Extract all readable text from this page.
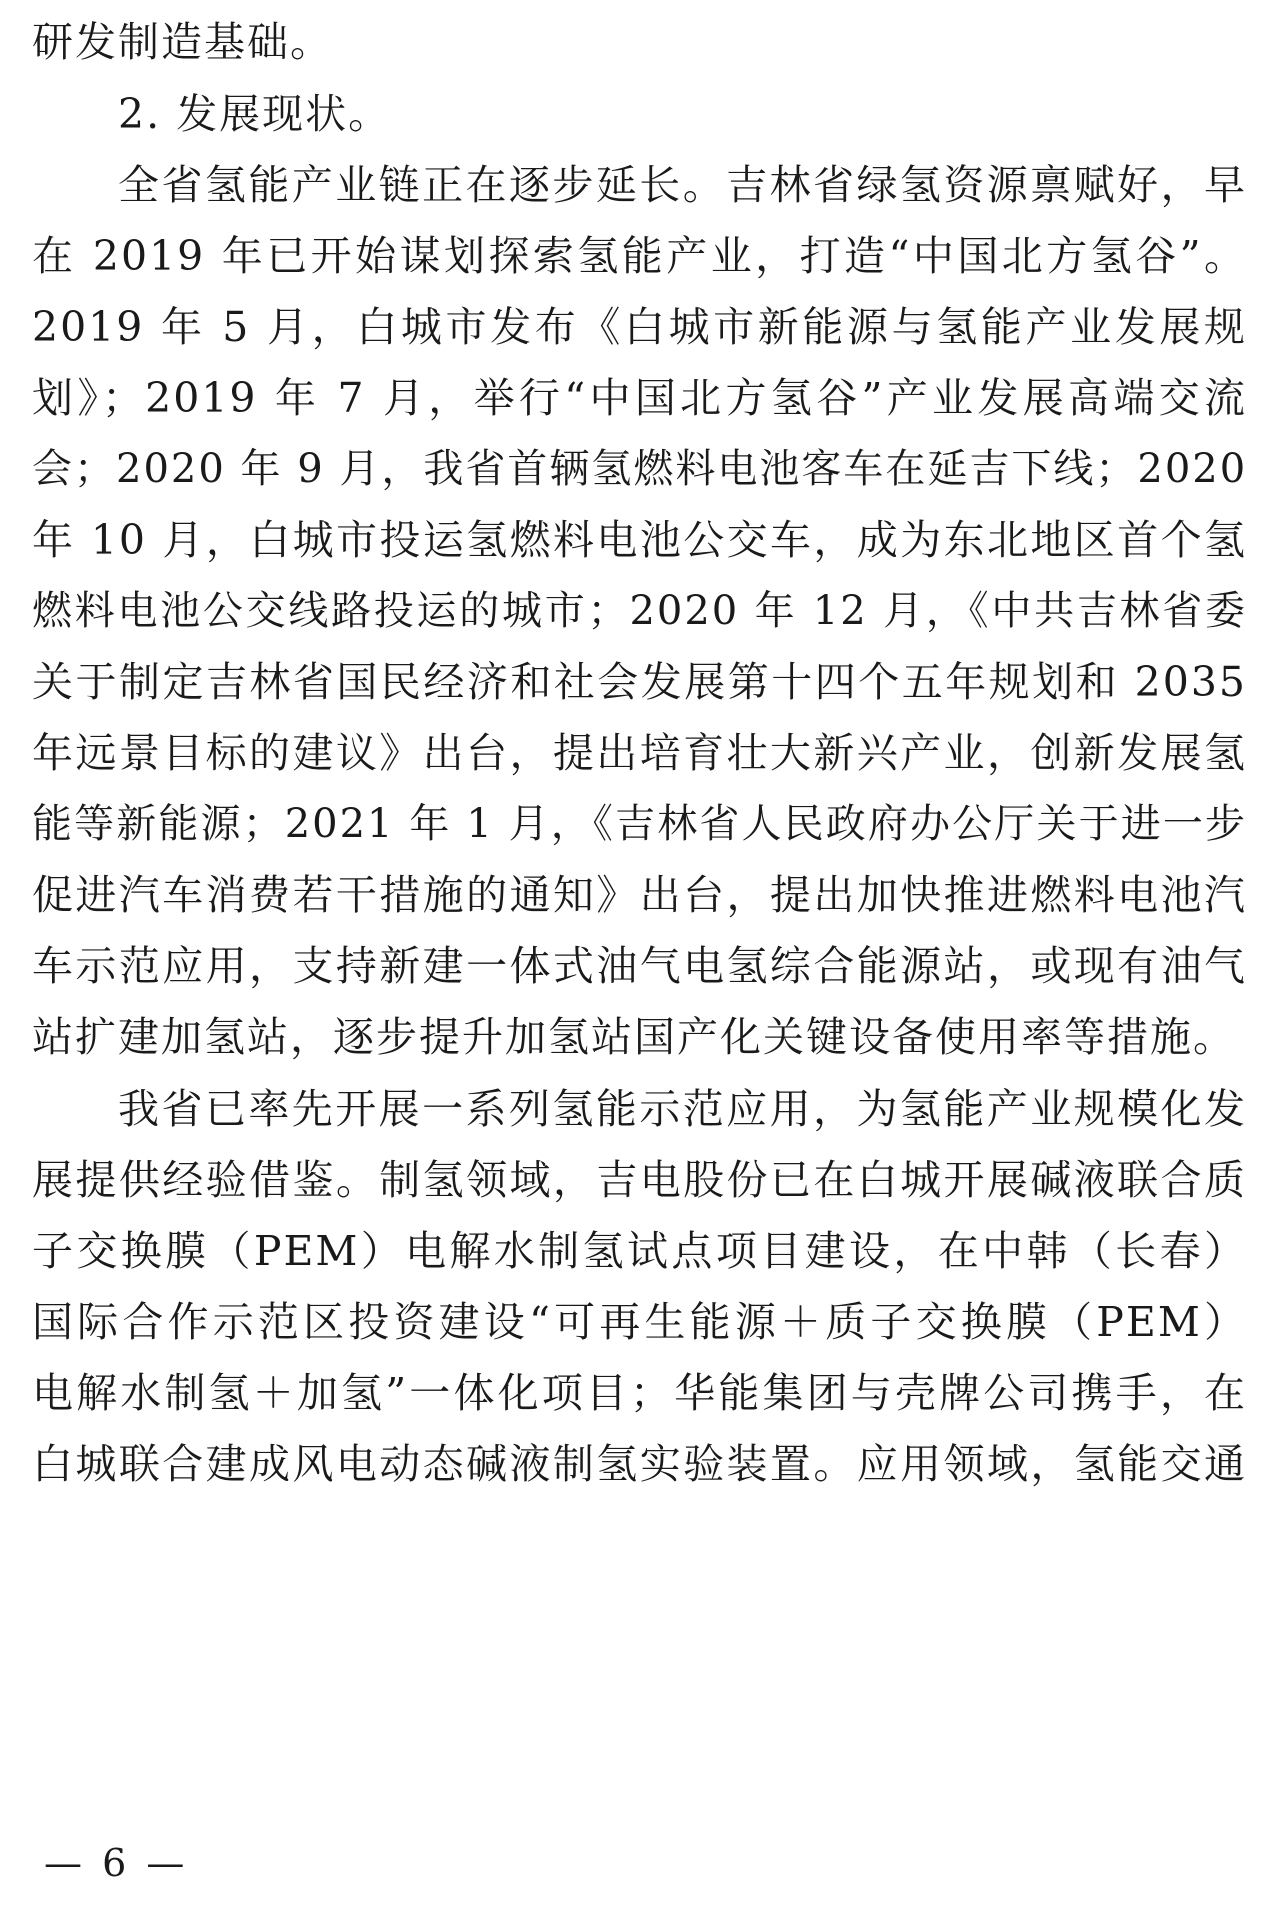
研发制造基础。
2. 发展现状。
全省氢能产业链正在逐步延长。吉林省绿氢资源禀赋好，早
在 2019 年已开始谋划探索氢能产业，打造“中国北方氢谷”。
2019 年 5 月，白城市发布《白城市新能源与氢能产业发展规
划》；2019 年 7 月，举行“中国北方氢谷”产业发展高端交流
会；2020 年 9 月，我省首辆氢燃料电池客车在延吉下线；2020
年 10 月，白城市投运氢燃料电池公交车，成为东北地区首个氢
燃料电池公交线路投运的城市；2020 年 12 月，《中共吉林省委
关于制定吉林省国民经济和社会发展第十四个五年规划和 2035
年远景目标的建议》出台，提出培育壮大新兴产业，创新发展氢
能等新能源；2021 年 1 月，《吉林省人民政府办公厅关于进一步
促进汽车消费若干措施的通知》出台，提出加快推进燃料电池汽
车示范应用，支持新建一体式油气电氢综合能源站，或现有油气
站扩建加氢站，逐步提升加氢站国产化关键设备使用率等措施。
我省已率先开展一系列氢能示范应用，为氢能产业规模化发
展提供经验借鉴。制氢领域，吉电股份已在白城开展碱液联合质
子交换膜（PEM）电解水制氢试点项目建设，在中韩（长春）
国际合作示范区投资建设“可再生能源＋质子交换膜（PEM）
电解水制氢＋加氢”一体化项目；华能集团与壳牌公司携手，在
白城联合建成风电动态碱液制氢实验装置。应用领域，氢能交通
— 6 —
